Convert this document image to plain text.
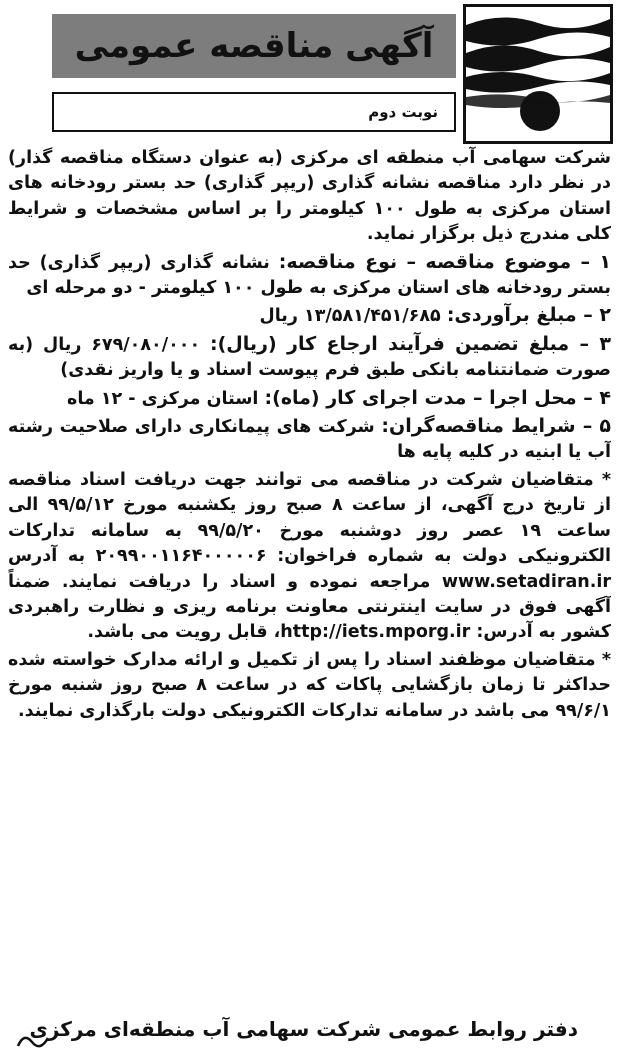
آگهی مناقصه عمومی
نوبت دوم

شرکت سهامی آب منطقه ای مرکزی (به عنوان دستگاه مناقصه گذار) در نظر دارد مناقصه نشانه گذاری (ریپر گذاری) حد بستر رودخانه های استان مرکزی به طول ۱۰۰ کیلومتر را بر اساس مشخصات و شرایط کلی مندرج ذیل برگزار نماید.

۱ – موضوع مناقصه – نوع مناقصه: نشانه گذاری (ریپر گذاری) حد بستر رودخانه های استان مرکزی به طول ۱۰۰ کیلومتر - دو مرحله ای

۲ – مبلغ برآوردی: ۱۳/۵۸۱/۴۵۱/۶۸۵ ریال

۳ – مبلغ تضمین فرآیند ارجاع کار (ریال): ۶۷۹/۰۸۰/۰۰۰ ریال (به صورت ضمانتنامه بانکی طبق فرم پیوست اسناد و یا واریز نقدی)

۴ – محل اجرا – مدت اجرای کار (ماه): استان مرکزی - ۱۲ ماه

۵ – شرایط مناقصه‌گران: شرکت های پیمانکاری دارای صلاحیت رشته آب یا ابنیه در کلیه پایه ها

* متقاضیان شرکت در مناقصه می توانند جهت دریافت اسناد مناقصه از تاریخ درج آگهی، از ساعت ۸ صبح روز یکشنبه مورخ ۹۹/۵/۱۲ الی ساعت ۱۹ عصر روز دوشنبه مورخ ۹۹/۵/۲۰ به سامانه تدارکات الکترونیکی دولت به شماره فراخوان: ۲۰۹۹۰۰۱۱۶۴۰۰۰۰۰۶ به آدرس www.setadiran.ir مراجعه نموده و اسناد را دریافت نمایند. ضمناً آگهی فوق در سایت اینترنتی معاونت برنامه ریزی و نظارت راهبردی کشور به آدرس: http://iets.mporg.ir، قابل رویت می باشد.

* متقاضیان موظفند اسناد را پس از تکمیل و ارائه مدارک خواسته شده حداکثر تا زمان بازگشایی پاکات که در ساعت ۸ صبح روز شنبه مورخ ۹۹/۶/۱ می باشد در سامانه تدارکات الکترونیکی دولت بارگذاری نمایند.

دفتر روابط عمومی شرکت سهامی آب منطقه‌ای مرکزی
